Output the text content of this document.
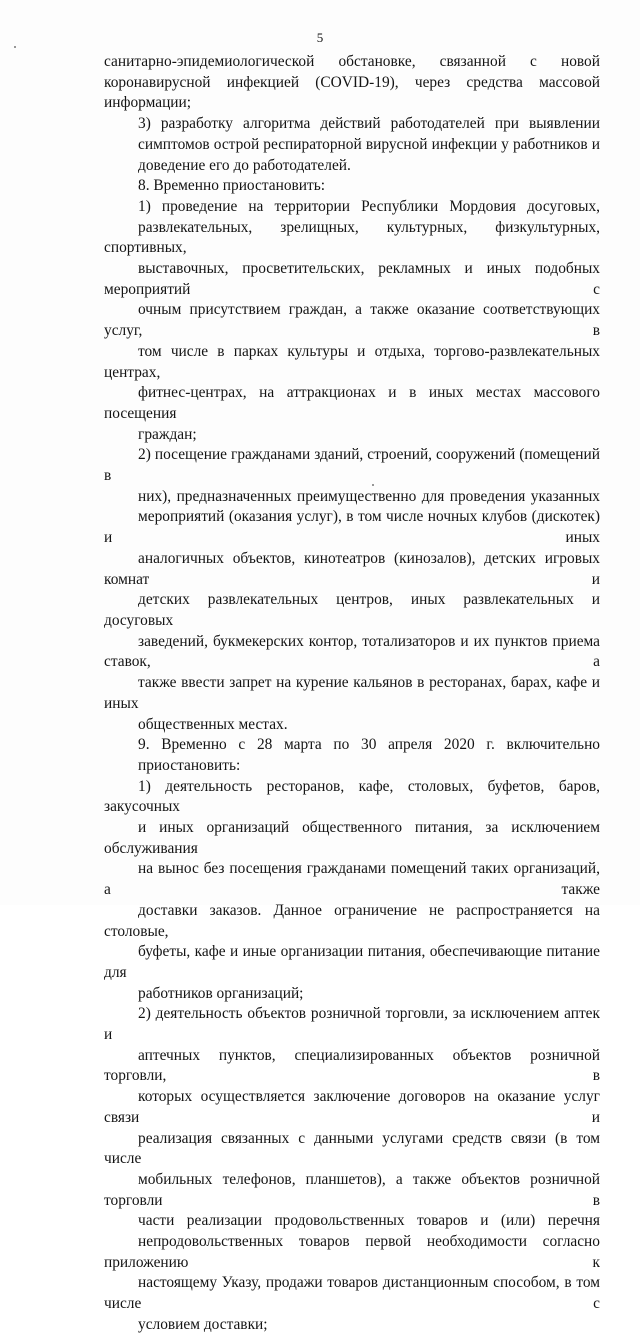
5

санитарно-эпидемиологической обстановке, связанной с новой
коронавирусной инфекцией (COVID-19), через средства массовой
информации;

3) разработку алгоритма действий работодателей при выявлении
симптомов острой респираторной вирусной инфекции у работников и
доведение его до работодателей.

8. Временно приостановить:

1) проведение на территории Республики Мордовия досуговых,
развлекательных, зрелищных, культурных, физкультурных, спортивных,
выставочных, просветительских, рекламных и иных подобных мероприятий с
очным присутствием граждан, а также оказание соответствующих услуг, в
том числе в парках культуры и отдыха, торгово-развлекательных центрах,
фитнес-центрах, на аттракционах и в иных местах массового посещения
граждан;

2) посещение гражданами зданий, строений, сооружений (помещений в
них), предназначенных преимущественно для проведения указанных
мероприятий (оказания услуг), в том числе ночных клубов (дискотек) и иных
аналогичных объектов, кинотеатров (кинозалов), детских игровых комнат и
детских развлекательных центров, иных развлекательных и досуговых
заведений, букмекерских контор, тотализаторов и их пунктов приема ставок, а
также ввести запрет на курение кальянов в ресторанах, барах, кафе и иных
общественных местах.

9. Временно с 28 марта по 30 апреля 2020 г. включительно
приостановить:

1) деятельность ресторанов, кафе, столовых, буфетов, баров, закусочных
и иных организаций общественного питания, за исключением обслуживания
на вынос без посещения гражданами помещений таких организаций, а также
доставки заказов. Данное ограничение не распространяется на столовые,
буфеты, кафе и иные организации питания, обеспечивающие питание для
работников организаций;

2) деятельность объектов розничной торговли, за исключением аптек и
аптечных пунктов, специализированных объектов розничной торговли, в
которых осуществляется заключение договоров на оказание услуг связи и
реализация связанных с данными услугами средств связи (в том числе
мобильных телефонов, планшетов), а также объектов розничной торговли в
части реализации продовольственных товаров и (или) перечня
непродовольственных товаров первой необходимости согласно приложению к
настоящему Указу, продажи товаров дистанционным способом, в том числе с
условием доставки;
